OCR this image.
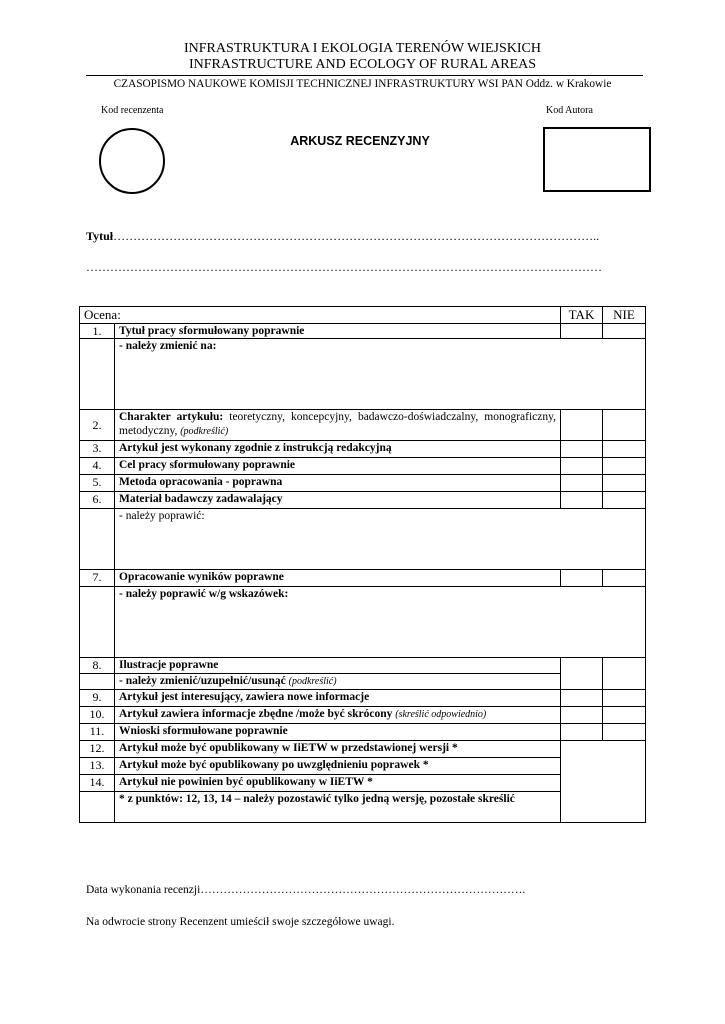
INFRASTRUKTURA I EKOLOGIA TERENÓW WIEJSKICH
INFRASTRUCTURE AND ECOLOGY OF RURAL AREAS
CZASOPISMO NAUKOWE KOMISJI TECHNICZNEJ INFRASTRUKTURY WSI PAN Oddz. w Krakowie
Kod recenzenta	Kod Autora
ARKUSZ RECENZYJNY
Tytuł…………………………………………………………………………………………………………..
…………………………………………………………………………………………………………………
Ocena:		TAK	NIE
1.	Tytuł pracy sformułowany poprawnie		
	- należy zmienić na:		
2.	Charakter artykułu: teoretyczny, koncepcyjny, badawczo-doświadczalny, monograficzny, metodyczny, (podkreślić)		
3.	Artykuł jest wykonany zgodnie z instrukcją redakcyjną		
4.	Cel pracy sformułowany poprawnie		
5.	Metoda opracowania - poprawna		
6.	Materiał badawczy zadawalający		
	- należy poprawić:		
7.	Opracowanie wyników poprawne		
	- należy poprawić w/g wskazówek:		
8.	Ilustracje poprawne		
	- należy zmienić/uzupełnić/usunąć (podkreślić)		
9.	Artykuł jest interesujący, zawiera nowe informacje		
10.	Artykuł zawiera informacje zbędne /może być skrócony (skreślić odpowiednio)		
11.	Wnioski sformułowane poprawnie		
12.	Artykuł może być opublikowany w IiETW w przedstawionej wersji *		
13.	Artykuł może być opublikowany po uwzględnieniu poprawek *		
14.	Artykuł nie powinien być opublikowany w IiETW *		
	* z punktów: 12, 13, 14 – należy pozostawić tylko jedną wersję, pozostałe skreślić		
Data wykonania recenzji………………………………………………………………………….
Na odwrocie strony Recenzent umieścił swoje szczegółowe uwagi.
